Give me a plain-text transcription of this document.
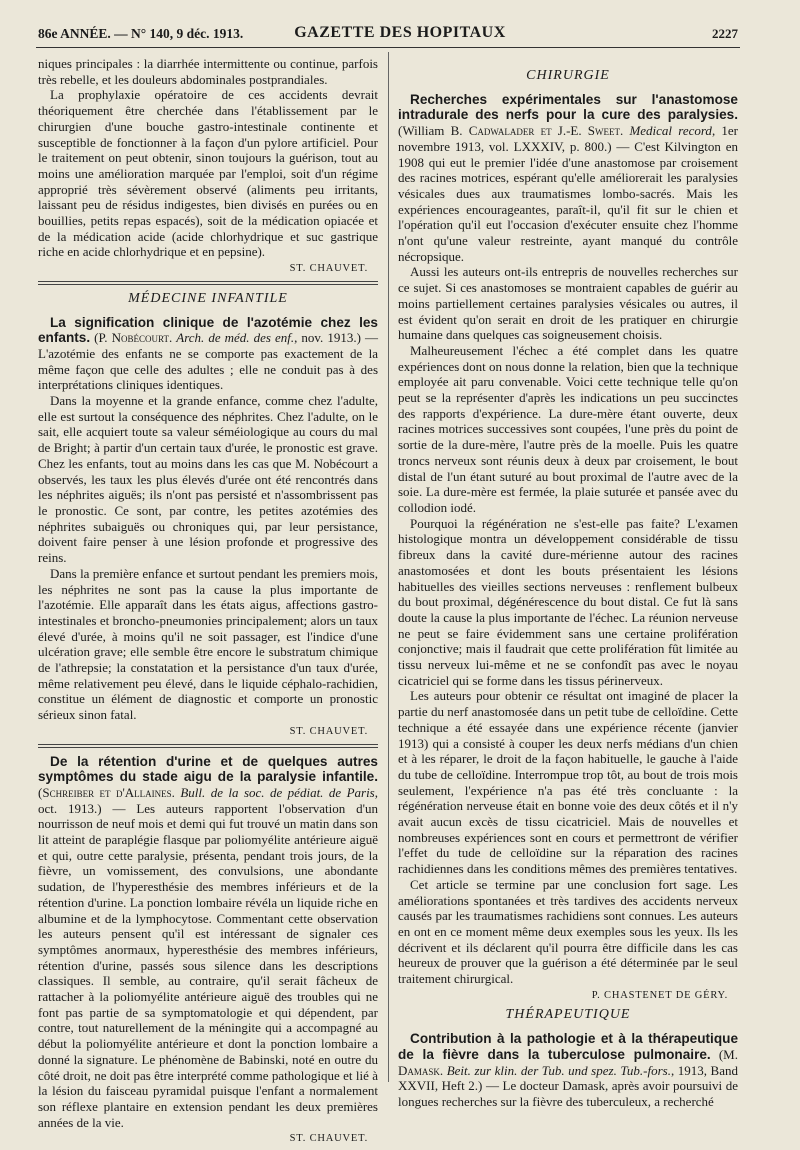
86e ANNÉE. — N° 140, 9 déc. 1913.	GAZETTE DES HOPITAUX	2227

niques principales : la diarrhée intermittente ou continue, parfois très rebelle, et les douleurs abdominales postprandiales.

La prophylaxie opératoire de ces accidents devrait théoriquement être cherchée dans l'établissement par le chirurgien d'une bouche gastro-intestinale continente et susceptible de fonctionner à la façon d'un pylore artificiel. Pour le traitement on peut obtenir, sinon toujours la guérison, tout au moins une amélioration marquée par l'emploi, soit d'un régime approprié très sévèrement observé (aliments peu irritants, laissant peu de résidus indigestes, bien divisés en purées ou en bouillies, petits repas espacés), soit de la médication opiacée et de la médication acide (acide chlorhydrique et suc gastrique riche en acide chlorhydrique et en pepsine).

ST. CHAUVET.
MÉDECINE INFANTILE

La signification clinique de l'azotémie chez les enfants. (P. Nobécourt. Arch. de méd. des enf., nov. 1913.) — L'azotémie des enfants ne se comporte pas exactement de la même façon que celle des adultes ; elle ne conduit pas à des interprétations cliniques identiques.

Dans la moyenne et la grande enfance, comme chez l'adulte, elle est surtout la conséquence des néphrites. Chez l'adulte, on le sait, elle acquiert toute sa valeur séméiologique au cours du mal de Bright; à partir d'un certain taux d'urée, le pronostic est grave. Chez les enfants, tout au moins dans les cas que M. Nobécourt a observés, les taux les plus élevés d'urée ont été rencontrés dans les néphrites aiguës; ils n'ont pas persisté et n'assombrissent pas le pronostic. Ce sont, par contre, les petites azotémies des néphrites subaiguës ou chroniques qui, par leur persistance, doivent faire penser à une lésion profonde et progressive des reins.

Dans la première enfance et surtout pendant les premiers mois, les néphrites ne sont pas la cause la plus importante de l'azotémie. Elle apparaît dans les états aigus, affections gastro-intestinales et broncho-pneumonies principalement; alors un taux élevé d'urée, à moins qu'il ne soit passager, est l'indice d'une ulcération grave; elle semble être encore le substratum chimique de l'athrepsie; la constatation et la persistance d'un taux d'urée, même relativement peu élevé, dans le liquide céphalo-rachidien, constitue un élément de diagnostic et comporte un pronostic sérieux sinon fatal.

ST. CHAUVET.

De la rétention d'urine et de quelques autres symptômes du stade aigu de la paralysie infantile. (Schreiber et d'Allaines. Bull. de la soc. de pédiat. de Paris, oct. 1913.) — Les auteurs rapportent l'observation d'un nourrisson de neuf mois et demi qui fut trouvé un matin dans son lit atteint de paraplégie flasque par poliomyélite antérieure aiguë et qui, outre cette paralysie, présenta, pendant trois jours, de la fièvre, un vomissement, des convulsions, une abondante sudation, de l'hyperesthésie des membres inférieurs et de la rétention d'urine. La ponction lombaire révéla un liquide riche en albumine et de la lymphocytose. Commentant cette observation les auteurs pensent qu'il est intéressant de signaler ces symptômes anormaux, hyperesthésie des membres inférieurs, rétention d'urine, passés sous silence dans les descriptions classiques. Il semble, au contraire, qu'il serait fâcheux de rattacher à la poliomyélite antérieure aiguë des troubles qui ne font pas partie de sa symptomatologie et qui dépendent, par contre, tout naturellement de la méningite qui a accompagné au début la poliomyélite antérieure et dont la ponction lombaire a donné la signature. Le phénomène de Babinski, noté en outre du côté droit, ne doit pas être interprété comme pathologique et lié à la lésion du faisceau pyramidal puisque l'enfant a normalement son réflexe plantaire en extension pendant les deux premières années de la vie.

ST. CHAUVET.
CHIRURGIE

Recherches expérimentales sur l'anastomose intradurale des nerfs pour la cure des paralysies. (William B. Cadwalader et J.-E. Sweet. Medical record, 1er novembre 1913, vol. LXXXIV, p. 800.) — C'est Kilvington en 1908 qui eut le premier l'idée d'une anastomose par croisement des racines motrices, espérant qu'elle améliorerait les paralysies vésicales dues aux traumatismes lombo-sacrés. Mais les expériences encourageantes, paraît-il, qu'il fit sur le chien et l'opération qu'il eut l'occasion d'exécuter ensuite chez l'homme n'ont qu'une valeur restreinte, ayant manqué du contrôle nécropsique.

Aussi les auteurs ont-ils entrepris de nouvelles recherches sur ce sujet. Si ces anastomoses se montraient capables de guérir au moins partiellement certaines paralysies vésicales ou autres, il est évident qu'on serait en droit de les pratiquer en chirurgie humaine dans quelques cas soigneusement choisis.

Malheureusement l'échec a été complet dans les quatre expériences dont on nous donne la relation, bien que la technique employée ait paru convenable. Voici cette technique telle qu'on peut se la représenter d'après les indications un peu succinctes des rapports d'expérience. La dure-mère étant ouverte, deux racines motrices successives sont coupées, l'une près du point de sortie de la dure-mère, l'autre près de la moelle. Puis les quatre troncs nerveux sont réunis deux à deux par croisement, le bout distal de l'un étant suturé au bout proximal de l'autre avec de la soie. La dure-mère est fermée, la plaie suturée et pansée avec du collodion iodé.

Pourquoi la régénération ne s'est-elle pas faite? L'examen histologique montra un développement considérable de tissu fibreux dans la cavité dure-mérienne autour des racines anastomosées et dont les bouts présentaient les lésions habituelles des vieilles sections nerveuses : renflement bulbeux du bout proximal, dégénérescence du bout distal. Ce fut là sans doute la cause la plus importante de l'échec. La réunion nerveuse ne peut se faire évidemment sans une certaine prolifération conjonctive; mais il faudrait que cette prolifération fût limitée au tissu nerveux lui-même et ne se confondît pas avec le noyau cicatriciel qui se forme dans les tissus périnerveux.

Les auteurs pour obtenir ce résultat ont imaginé de placer la partie du nerf anastomosée dans un petit tube de celloïdine. Cette technique a été essayée dans une expérience récente (janvier 1913) qui a consisté à couper les deux nerfs médians d'un chien et à les réparer, le droit de la façon habituelle, le gauche à l'aide du tube de celloïdine. Interrompue trop tôt, au bout de trois mois seulement, l'expérience n'a pas été très concluante : la régénération nerveuse était en bonne voie des deux côtés et il n'y avait aucun excès de tissu cicatriciel. Mais de nouvelles et nombreuses expériences sont en cours et permettront de vérifier l'effet du tude de celloïdine sur la réparation des racines rachidiennes dans les conditions mêmes des premières tentatives.

Cet article se termine par une conclusion fort sage. Les améliorations spontanées et très tardives des accidents nerveux causés par les traumatismes rachidiens sont connues. Les auteurs en ont en ce moment même deux exemples sous les yeux. Ils les décrivent et ils déclarent qu'il pourra être difficile dans les cas heureux de prouver que la guérison a été déterminée par le seul traitement chirurgical.

P. CHASTENET DE GÉRY.
THÉRAPEUTIQUE

Contribution à la pathologie et à la thérapeutique de la fièvre dans la tuberculose pulmonaire. (M. Damask. Beit. zur klin. der Tub. und spez. Tub.-fors., 1913, Band XXVII, Heft 2.) — Le docteur Damask, après avoir poursuivi de longues recherches sur la fièvre des tuberculeux, a recherché
